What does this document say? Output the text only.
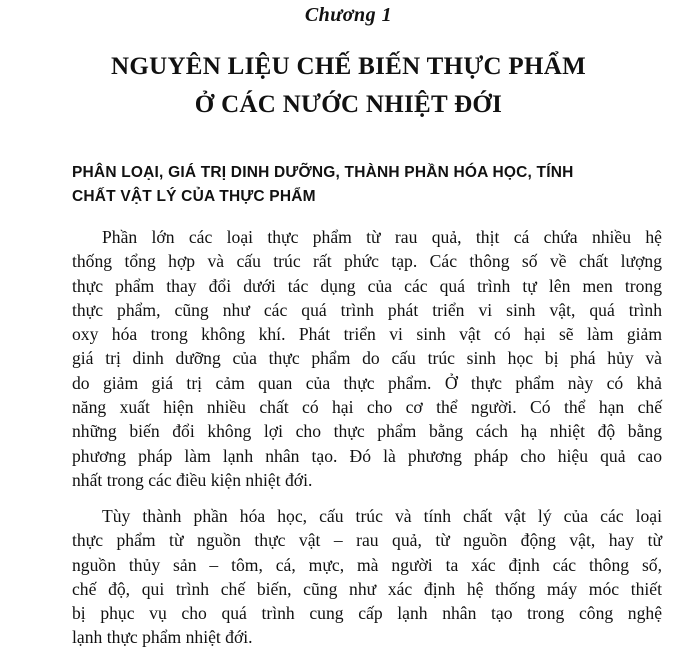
Chương 1
NGUYÊN LIỆU CHẾ BIẾN THỰC PHẨM
Ở CÁC NƯỚC NHIỆT ĐỚI
PHÂN LOẠI, GIÁ TRỊ DINH DƯỠNG, THÀNH PHẦN HÓA HỌC, TÍNH
CHẤT VẬT LÝ CỦA THỰC PHẨM
Phần lớn các loại thực phẩm từ rau quả, thịt cá chứa nhiều hệ
thống tổng hợp và cấu trúc rất phức tạp. Các thông số về chất lượng
thực phẩm thay đổi dưới tác dụng của các quá trình tự lên men trong
thực phẩm, cũng như các quá trình phát triển vi sinh vật, quá trình
oxy hóa trong không khí. Phát triển vi sinh vật có hại sẽ làm giảm
giá trị dinh dưỡng của thực phẩm do cấu trúc sinh học bị phá hủy và
do giảm giá trị cảm quan của thực phẩm. Ở thực phẩm này có khả
năng xuất hiện nhiều chất có hại cho cơ thể người. Có thể hạn chế
những biến đổi không lợi cho thực phẩm bằng cách hạ nhiệt độ bằng
phương pháp làm lạnh nhân tạo. Đó là phương pháp cho hiệu quả cao
nhất trong các điều kiện nhiệt đới.
Tùy thành phần hóa học, cấu trúc và tính chất vật lý của các loại
thực phẩm từ nguồn thực vật – rau quả, từ nguồn động vật, hay từ
nguồn thủy sản – tôm, cá, mực, mà người ta xác định các thông số,
chế độ, qui trình chế biến, cũng như xác định hệ thống máy móc thiết
bị phục vụ cho quá trình cung cấp lạnh nhân tạo trong công nghệ
lạnh thực phẩm nhiệt đới.
